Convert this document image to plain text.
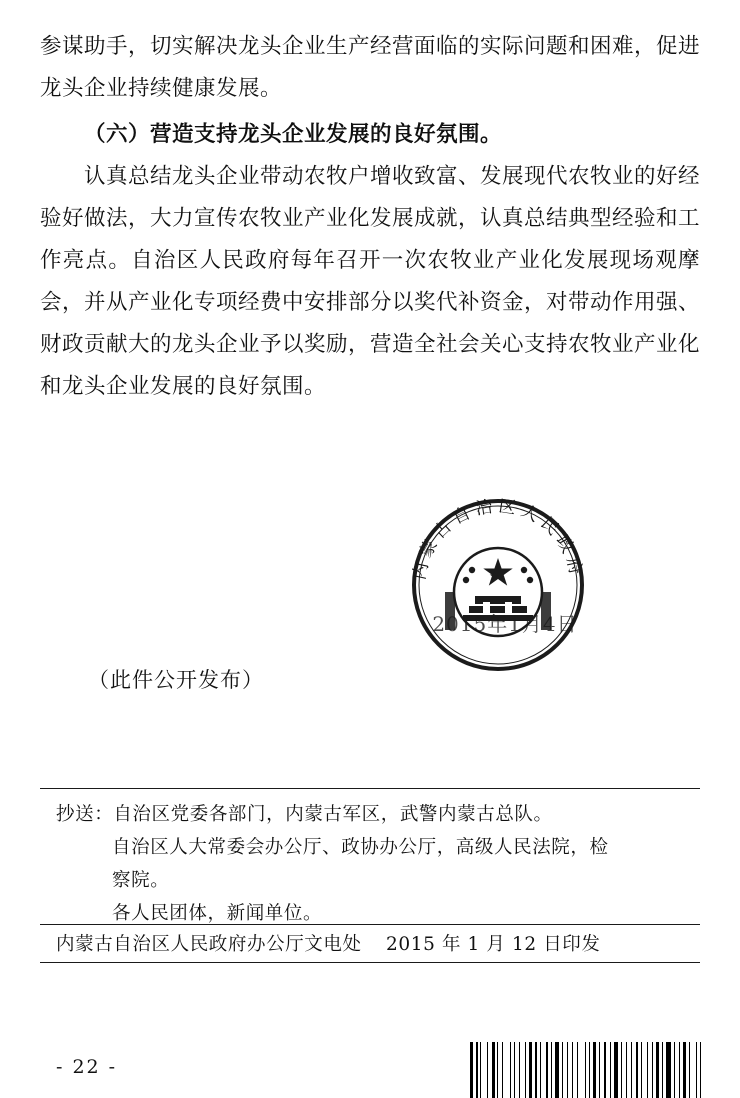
参谋助手，切实解决龙头企业生产经营面临的实际问题和困难，促进龙头企业持续健康发展。

（六）营造支持龙头企业发展的良好氛围。

认真总结龙头企业带动农牧户增收致富、发展现代农牧业的好经验好做法，大力宣传农牧业产业化发展成就，认真总结典型经验和工作亮点。自治区人民政府每年召开一次农牧业产业化发展现场观摩会，并从产业化专项经费中安排部分以奖代补资金，对带动作用强、财政贡献大的龙头企业予以奖励，营造全社会关心支持农牧业产业化和龙头企业发展的良好氛围。

内蒙古自治区人民政府
2015年1月4日
（此件公开发布）
抄送：自治区党委各部门，内蒙古军区，武警内蒙古总队。
自治区人大常委会办公厅、政协办公厅，高级人民法院，检
察院。
各人民团体，新闻单位。
内蒙古自治区人民政府办公厅文电处	2015 年 1 月 12 日印发
- 22 -
